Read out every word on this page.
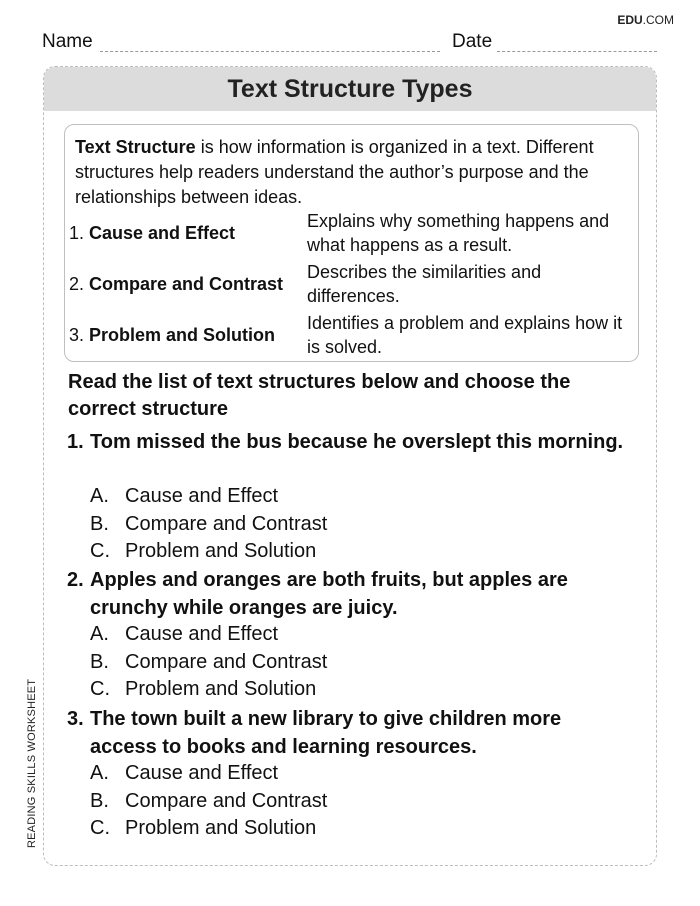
EDU.COM
Name	Date
READING SKILLS WORKSHEET
Text Structure Types
Text Structure is how information is organized in a text. Different structures help readers understand the author’s purpose and the relationships between ideas.
1. Cause and Effect
Explains why something happens and what happens as a result.
2. Compare and Contrast
Describes the similarities and differences.
3. Problem and Solution
Identifies a problem and explains how it is solved.
Read the list of text structures below and choose the correct structure
1. Tom missed the bus because he overslept this morning.
A. Cause and Effect
B. Compare and Contrast
C. Problem and Solution
2. Apples and oranges are both fruits, but apples are crunchy while oranges are juicy.
A. Cause and Effect
B. Compare and Contrast
C. Problem and Solution
3. The town built a new library to give children more access to books and learning resources.
A. Cause and Effect
B. Compare and Contrast
C. Problem and Solution
